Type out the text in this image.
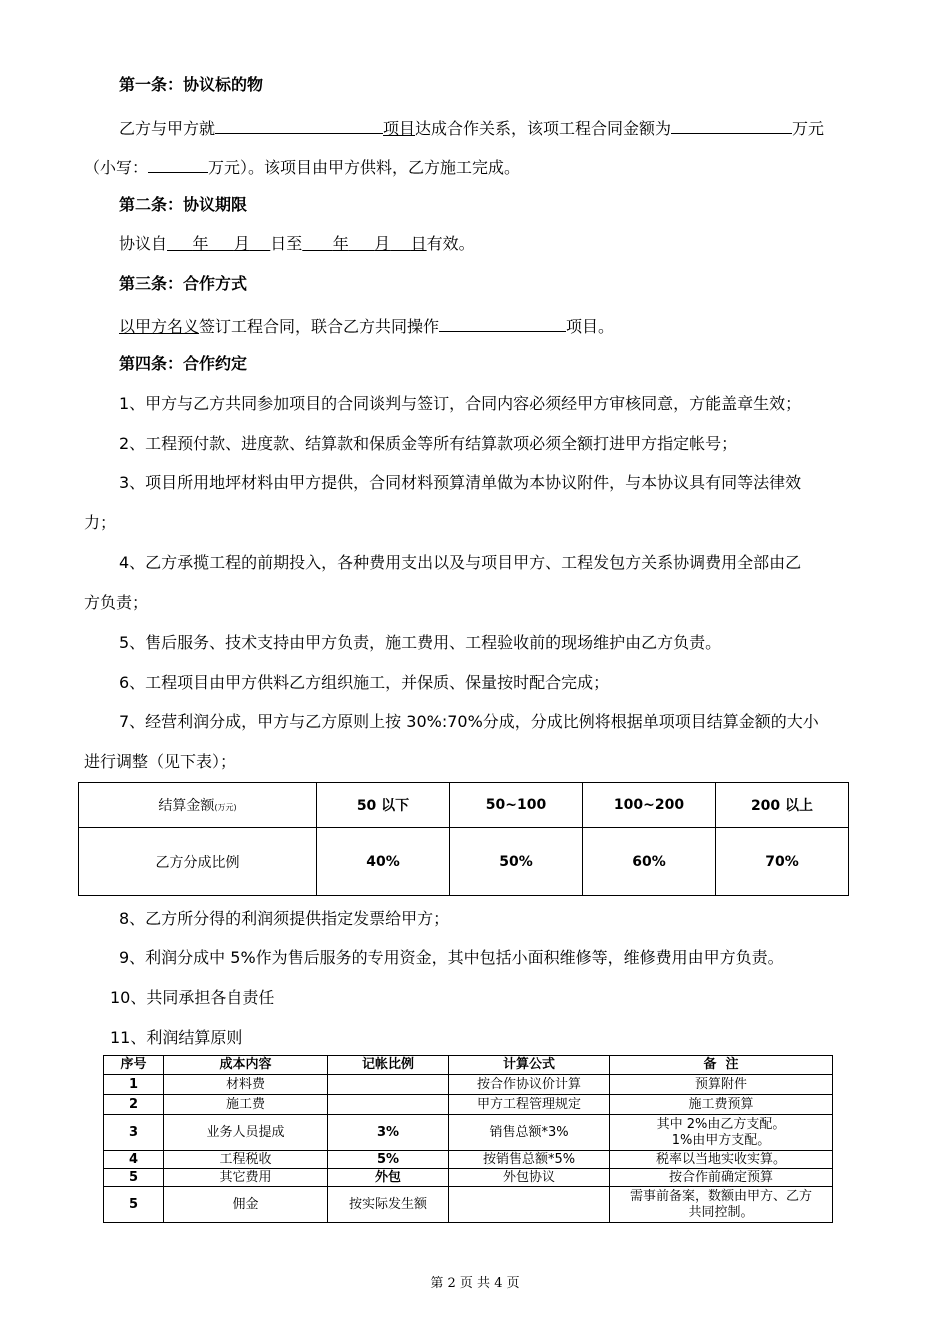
第一条：协议标的物
乙方与甲方就	项目达成合作关系，该项工程合同金额为	万元
（小写：	万元）。该项目由甲方供料，乙方施工完成。
第二条：协议期限
协议自 年 月 日至 年 月 日有效。
第三条：合作方式
以甲方名义签订工程合同，联合乙方共同操作	项目。
第四条：合作约定
1、甲方与乙方共同参加项目的合同谈判与签订，合同内容必须经甲方审核同意，方能盖章生效；
2、工程预付款、进度款、结算款和保质金等所有结算款项必须全额打进甲方指定帐号；
3、项目所用地坪材料由甲方提供，合同材料预算清单做为本协议附件，与本协议具有同等法律效
力；
4、乙方承揽工程的前期投入，各种费用支出以及与项目甲方、工程发包方关系协调费用全部由乙
方负责；
5、售后服务、技术支持由甲方负责，施工费用、工程验收前的现场维护由乙方负责。
6、工程项目由甲方供料乙方组织施工，并保质、保量按时配合完成；
7、经营利润分成，甲方与乙方原则上按 30%:70%分成，分成比例将根据单项项目结算金额的大小
进行调整（见下表）；
结算金额(万元)	50 以下	50~100	100~200	200 以上
乙方分成比例	40%	50%	60%	70%
8、乙方所分得的利润须提供指定发票给甲方；
9、利润分成中 5%作为售后服务的专用资金，其中包括小面积维修等，维修费用由甲方负责。
10、共同承担各自责任
11、利润结算原则
序号	成本内容	记帐比例	计算公式	备  注
1	材料费		按合作协议价计算	预算附件
2	施工费		甲方工程管理规定	施工费预算
3	业务人员提成	3%	销售总额*3%	其中 2%由乙方支配。
1%由甲方支配。

4	工程税收	5%	按销售总额*5%	税率以当地实收实算。
5	其它费用	外包	外包协议	按合作前确定预算
5	佣金	按实际发生额		需事前备案，数额由甲方、乙方
共同控制。
第 2 页 共 4 页
